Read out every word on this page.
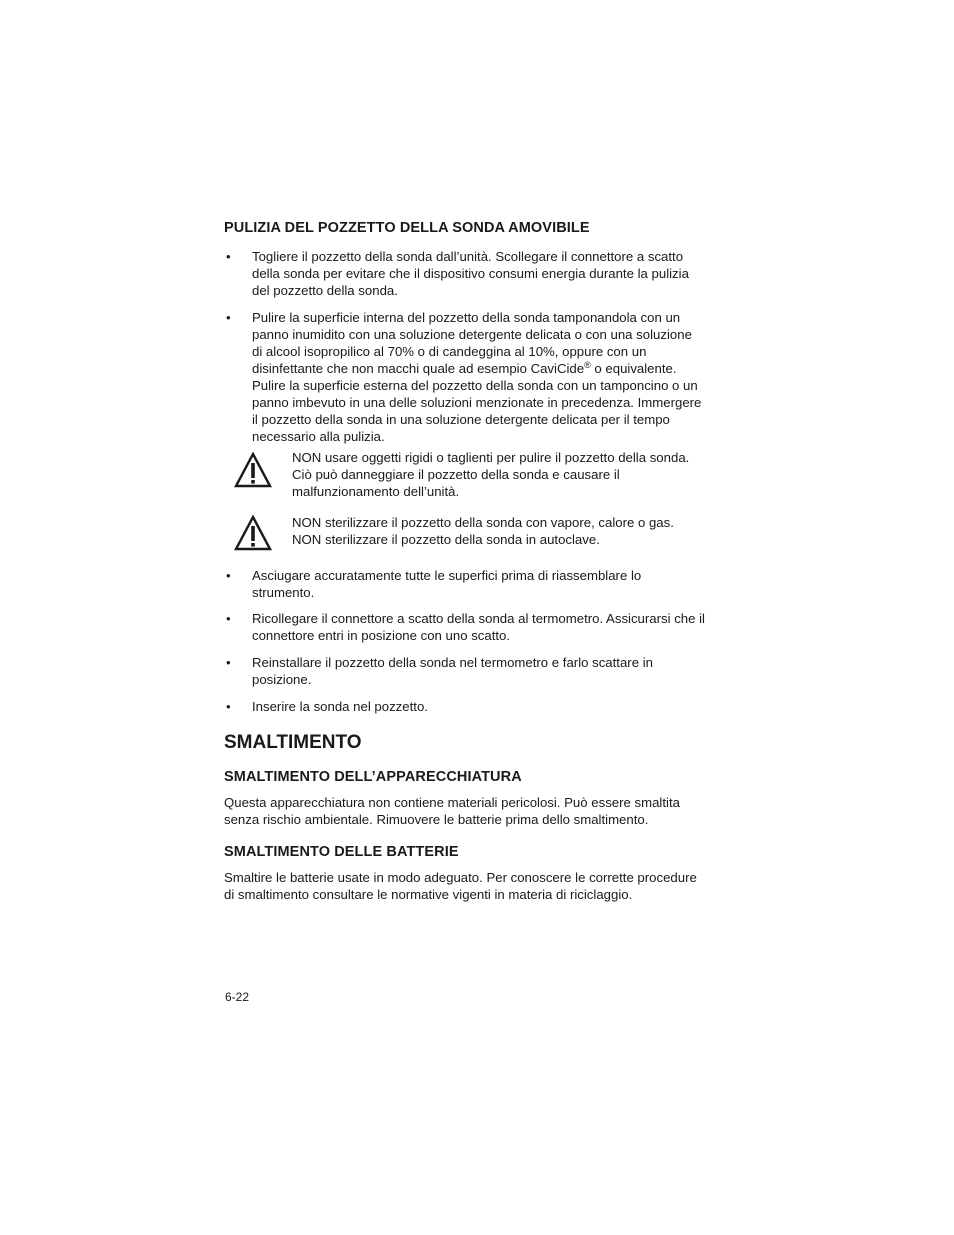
PULIZIA DEL POZZETTO DELLA SONDA AMOVIBILE
• Togliere il pozzetto della sonda dall’unità. Scollegare il connettore a scatto
della sonda per evitare che il dispositivo consumi energia durante la pulizia
del pozzetto della sonda.
• Pulire la superficie interna del pozzetto della sonda tamponandola con un
panno inumidito con una soluzione detergente delicata o con una soluzione
di alcool isopropilico al 70% o di candeggina al 10%, oppure con un
disinfettante che non macchi quale ad esempio CaviCide® o equivalente.
Pulire la superficie esterna del pozzetto della sonda con un tamponcino o un
panno imbevuto in una delle soluzioni menzionate in precedenza. Immergere
il pozzetto della sonda in una soluzione detergente delicata per il tempo
necessario alla pulizia.
NON usare oggetti rigidi o taglienti per pulire il pozzetto della sonda.
Ciò può danneggiare il pozzetto della sonda e causare il
malfunzionamento dell’unità.
NON sterilizzare il pozzetto della sonda con vapore, calore o gas.
NON sterilizzare il pozzetto della sonda in autoclave.
• Asciugare accuratamente tutte le superfici prima di riassemblare lo
strumento.
• Ricollegare il connettore a scatto della sonda al termometro. Assicurarsi che il
connettore entri in posizione con uno scatto.
• Reinstallare il pozzetto della sonda nel termometro e farlo scattare in
posizione.
• Inserire la sonda nel pozzetto.
SMALTIMENTO
SMALTIMENTO DELL’APPARECCHIATURA
Questa apparecchiatura non contiene materiali pericolosi. Può essere smaltita
senza rischio ambientale. Rimuovere le batterie prima dello smaltimento.
SMALTIMENTO DELLE BATTERIE
Smaltire le batterie usate in modo adeguato. Per conoscere le corrette procedure
di smaltimento consultare le normative vigenti in materia di riciclaggio.
6-22
